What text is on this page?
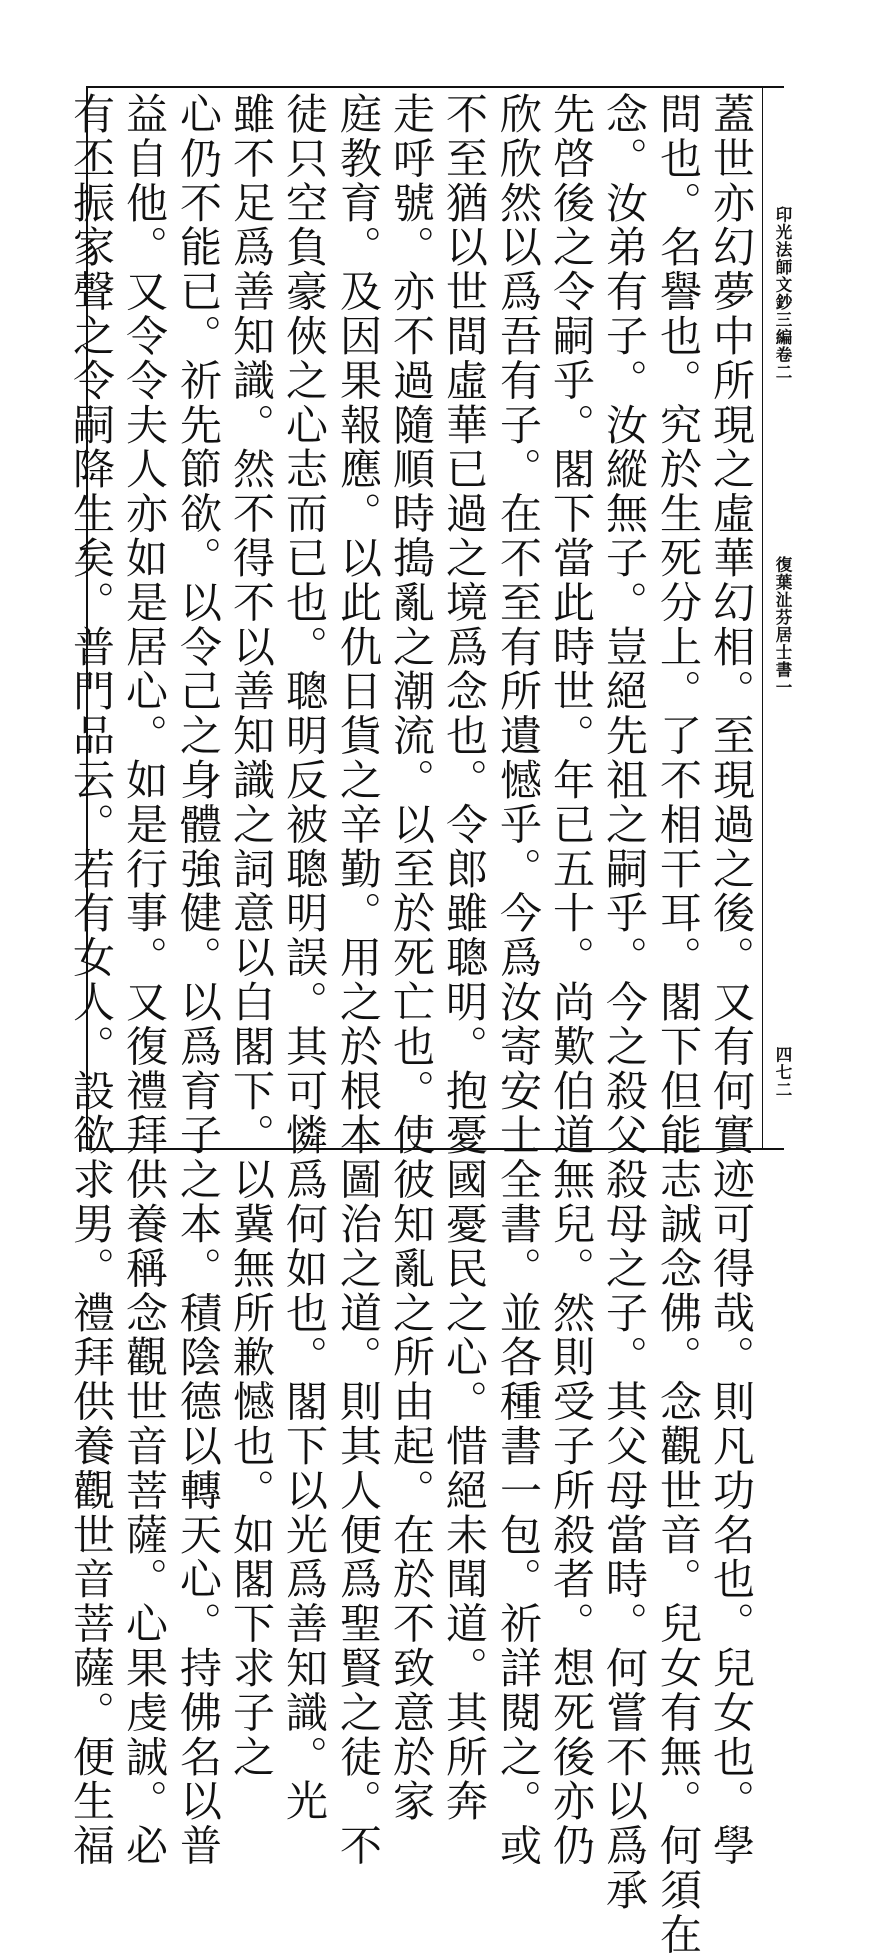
印光法師文鈔三編卷二
復葉沚芬居士書一
四七二
蓋世亦幻夢中所現之虛華幻相。至現過之後。又有何實迹可得哉。則凡功名也。兒女也。學
問也。名譽也。究於生死分上。了不相干耳。閣下但能志誠念佛。念觀世音。兒女有無。何須在
念。汝弟有子。汝縱無子。豈絕先祖之嗣乎。今之殺父殺母之子。其父母當時。何嘗不以爲承
先啓後之令嗣乎。閣下當此時世。年已五十。尚歎伯道無兒。然則受子所殺者。想死後亦仍
欣欣然以爲吾有子。在不至有所遺憾乎。今爲汝寄安士全書。並各種書一包。祈詳閱之。或
不至猶以世間虛華已過之境爲念也。令郎雖聰明。抱憂國憂民之心。惜絕未聞道。其所奔
走呼號。亦不過隨順時搗亂之潮流。以至於死亡也。使彼知亂之所由起。在於不致意於家
庭教育。及因果報應。以此仇日貨之辛勤。用之於根本圖治之道。則其人便爲聖賢之徒。不
徒只空負豪俠之心志而已也。聰明反被聰明誤。其可憐爲何如也。閣下以光爲善知識。光
雖不足爲善知識。然不得不以善知識之詞意以白閣下。以冀無所歉憾也。如閣下求子之
心仍不能已。祈先節欲。以令己之身體強健。以爲育子之本。積陰德以轉天心。持佛名以普
益自他。又令令夫人亦如是居心。如是行事。又復禮拜供養稱念觀世音菩薩。心果虔誠。必
有丕振家聲之令嗣降生矣。普門品云。若有女人。設欲求男。禮拜供養觀世音菩薩。便生福
